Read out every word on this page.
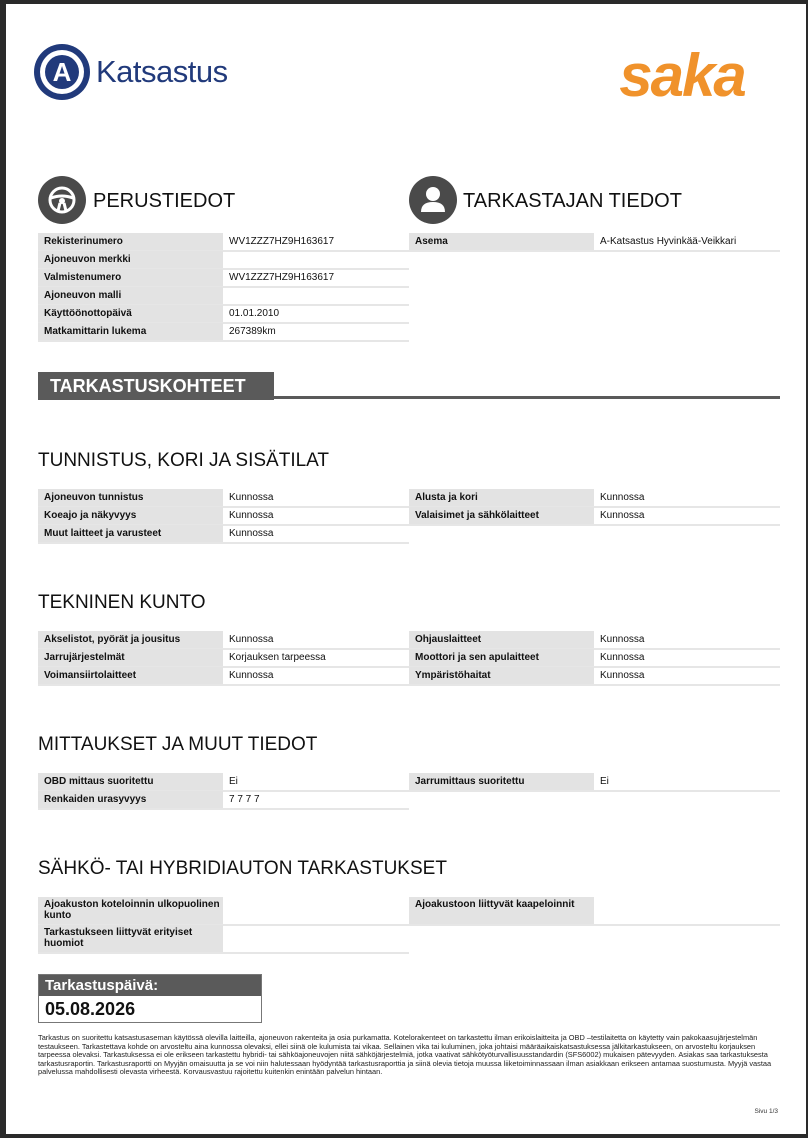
A Katsastus	saka
PERUSTIEDOT	TARKASTAJAN TIEDOT
TARKASTUSKOHTEET
TUNNISTUS, KORI JA SISÄTILAT
TEKNINEN KUNTO
MITTAUKSET JA MUUT TIEDOT
SÄHKÖ- TAI HYBRIDIAUTON TARKASTUKSET
Tarkastuspäivä:
05.08.2026
Tarkastus on suoritettu katsastusaseman käytössä olevilla laitteilla, ajoneuvon rakenteita ja osia purkamatta. Kotelorakenteet on tarkastettu ilman erikoislaitteita ja OBD –testilaitetta on käytetty vain pakokaasujärjestelmän testaukseen. Tarkastettava kohde on arvosteltu aina kunnossa olevaksi, ellei siinä ole kulumista tai vikaa. Sellainen vika tai kuluminen, joka johtaisi määräaikaiskatsastuksessa jälkitarkastukseen, on arvosteltu korjauksen tarpeessa olevaksi. Tarkastuksessa ei ole erikseen tarkastettu hybridi- tai sähköajoneuvojen niitä sähköjärjestelmiä, jotka vaativat sähkötyöturvallisuusstandardin (SFS6002) mukaisen pätevyyden. Asiakas saa tarkastuksesta tarkastusraportin. Tarkastusraportti on Myyjän omaisuutta ja se voi niin halutessaan hyödyntää tarkastusraporttia ja siinä olevia tietoja muussa liiketoiminnassaan ilman asiakkaan erikseen antamaa suostumusta. Myyjä vastaa palvelussa mahdollisesti olevasta virheestä. Korvausvastuu rajoitettu kuitenkin enintään palvelun hintaan.
Sivu 1/3
Rekisterinumero	WV1ZZZ7HZ9H163617
Ajoneuvon merkki
Valmistenumero	WV1ZZZ7HZ9H163617
Ajoneuvon malli
Käyttöönottopäivä	01.01.2010
Matkamittarin lukema	267389km
Asema	A-Katsastus Hyvinkää-Veikkari
Ajoneuvon tunnistus	Kunnossa
Koeajo ja näkyvyys	Kunnossa
Muut laitteet ja varusteet	Kunnossa
Alusta ja kori	Kunnossa
Valaisimet ja sähkölaitteet	Kunnossa
Akselistot, pyörät ja jousitus	Kunnossa
Jarrujärjestelmät	Korjauksen tarpeessa
Voimansiirtolaitteet	Kunnossa
Ohjauslaitteet	Kunnossa
Moottori ja sen apulaitteet	Kunnossa
Ympäristöhaitat	Kunnossa
OBD mittaus suoritettu	Ei
Renkaiden urasyvyys	7 7 7 7
Jarrumittaus suoritettu	Ei
Ajoakuston koteloinnin ulkopuolinen kunto
Tarkastukseen liittyvät erityiset huomiot
Ajoakustoon liittyvät kaapeloinnit
